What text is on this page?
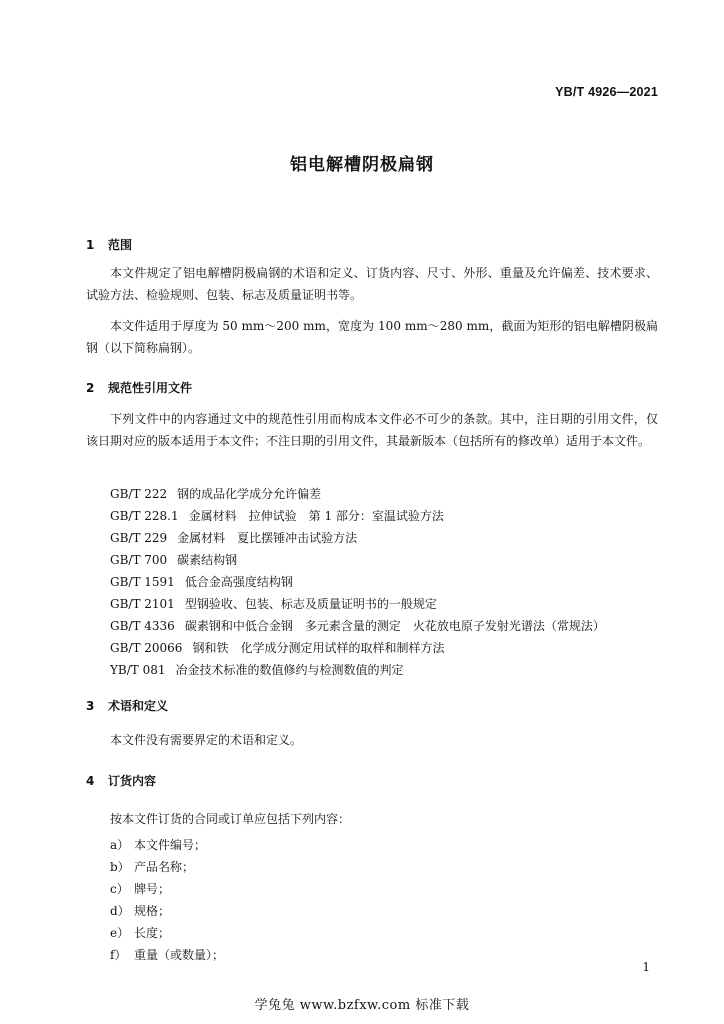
YB/T 4926—2021
铝电解槽阴极扁钢
1 范围

本文件规定了铝电解槽阴极扁钢的术语和定义、订货内容、尺寸、外形、重量及允许偏差、技术要求、试验方法、检验规则、包装、标志及质量证明书等。

本文件适用于厚度为 50 mm～200 mm，宽度为 100 mm～280 mm，截面为矩形的铝电解槽阴极扁钢（以下简称扁钢）。

2 规范性引用文件

下列文件中的内容通过文中的规范性引用而构成本文件必不可少的条款。其中，注日期的引用文件，仅该日期对应的版本适用于本文件；不注日期的引用文件，其最新版本（包括所有的修改单）适用于本文件。

GB/T 222 钢的成品化学成分允许偏差
GB/T 228.1 金属材料　拉伸试验　第 1 部分：室温试验方法
GB/T 229 金属材料　夏比摆锤冲击试验方法
GB/T 700 碳素结构钢
GB/T 1591 低合金高强度结构钢
GB/T 2101 型钢验收、包装、标志及质量证明书的一般规定
GB/T 4336 碳素钢和中低合金钢　多元素含量的测定　火花放电原子发射光谱法（常规法）
GB/T 20066 钢和铁　化学成分测定用试样的取样和制样方法
YB/T 081 冶金技术标准的数值修约与检测数值的判定
3 术语和定义

本文件没有需要界定的术语和定义。

4 订货内容

按本文件订货的合同或订单应包括下列内容：

a） 本文件编号；
b） 产品名称；
c） 牌号；
d） 规格；
e） 长度；
f） 重量（或数量）；
1
学兔兔 www.bzfxw.com 标准下载
